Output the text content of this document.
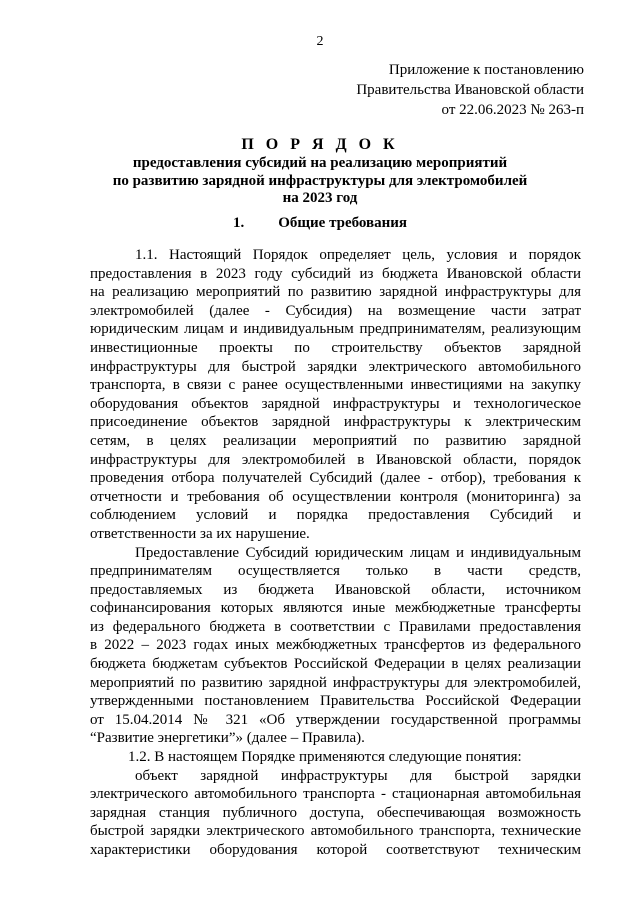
2
Приложение к постановлению
Правительства Ивановской области
от 22.06.2023 № 263-п
П О Р Я Д О К
предоставления субсидий на реализацию мероприятий
по развитию зарядной инфраструктуры для электромобилей
на 2023 год
1. Общие требования

1.1. Настоящий Порядок определяет цель, условия и порядок

предоставления в 2023 году субсидий из бюджета Ивановской области

на реализацию мероприятий по развитию зарядной инфраструктуры для

электромобилей (далее - Субсидия) на возмещение части затрат

юридическим лицам и индивидуальным предпринимателям, реализующим

инвестиционные проекты по строительству объектов зарядной

инфраструктуры для быстрой зарядки электрического автомобильного

транспорта, в связи с ранее осуществленными инвестициями на закупку

оборудования объектов зарядной инфраструктуры и технологическое

присоединение объектов зарядной инфраструктуры к электрическим

сетям, в целях реализации мероприятий по развитию зарядной

инфраструктуры для электромобилей в Ивановской области, порядок

проведения отбора получателей Субсидий (далее - отбор), требования к

отчетности и требования об осуществлении контроля (мониторинга) за

соблюдением условий и порядка предоставления Субсидий и

ответственности за их нарушение.

Предоставление Субсидий юридическим лицам и индивидуальным

предпринимателям осуществляется только в части средств,

предоставляемых из бюджета Ивановской области, источником

софинансирования которых являются иные межбюджетные трансферты

из федерального бюджета в соответствии с Правилами предоставления

в 2022 – 2023 годах иных межбюджетных трансфертов из федерального

бюджета бюджетам субъектов Российской Федерации в целях реализации

мероприятий по развитию зарядной инфраструктуры для электромобилей,

утвержденными постановлением Правительства Российской Федерации

от 15.04.2014 № 321 «Об утверждении государственной программы

“Развитие энергетики”» (далее – Правила).

1.2. В настоящем Порядке применяются следующие понятия:

объект зарядной инфраструктуры для быстрой зарядки

электрического автомобильного транспорта - стационарная автомобильная

зарядная станция публичного доступа, обеспечивающая возможность

быстрой зарядки электрического автомобильного транспорта, технические

характеристики оборудования которой соответствуют техническим
